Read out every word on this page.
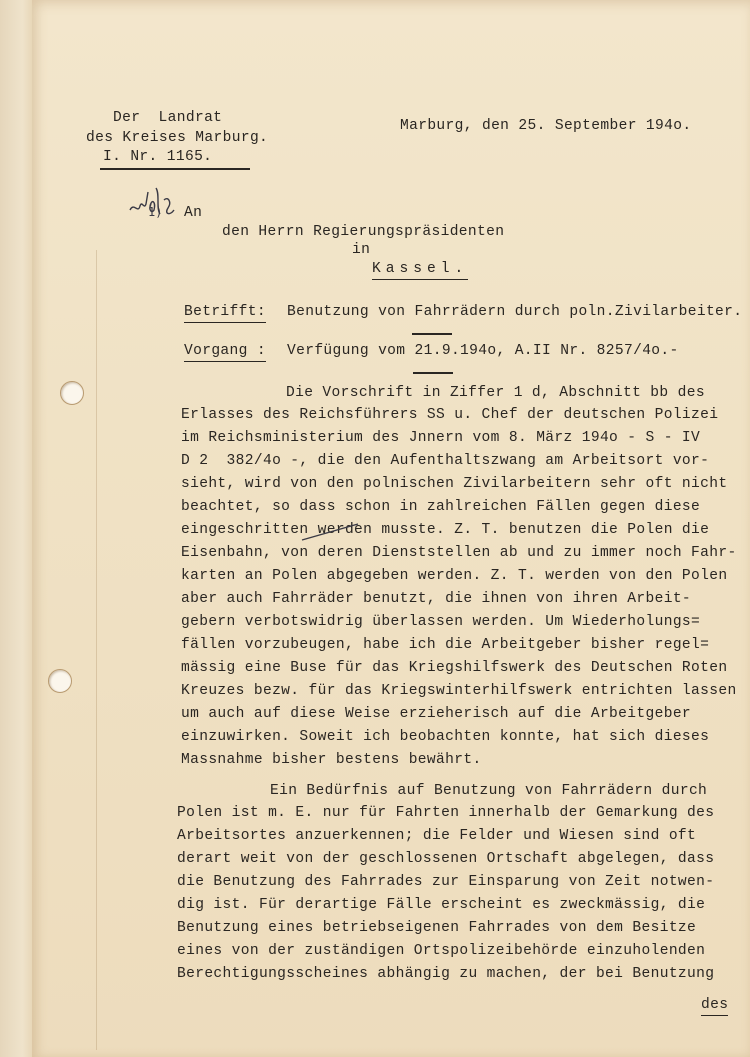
Der  Landrat
des Kreises Marburg.
I. Nr. 1165.
Marburg, den 25. September 194o.
1) An
den Herrn Regierungspräsidenten
in
Kassel.
Betrifft: Benutzung von Fahrrädern durch poln.Zivilarbeiter.
Vorgang : Verfügung vom 21.9.194o, A.II Nr. 8257/4o.-
Die Vorschrift in Ziffer 1 d, Abschnitt bb des
Erlasses des Reichsführers SS u. Chef der deutschen Polizei
im Reichsministerium des Jnnern vom 8. März 194o - S - IV
D 2  382/4o -, die den Aufenthaltszwang am Arbeitsort vor-
sieht, wird von den polnischen Zivilarbeitern sehr oft nicht
beachtet, so dass schon in zahlreichen Fällen gegen diese
eingeschritten werden musste. Z. T. benutzen die Polen die
Eisenbahn, von deren Dienststellen ab und zu immer noch Fahr-
karten an Polen abgegeben werden. Z. T. werden von den Polen
aber auch Fahrräder benutzt, die ihnen von ihren Arbeit-
gebern verbotswidrig überlassen werden. Um Wiederholungs=
fällen vorzubeugen, habe ich die Arbeitgeber bisher regel=
mässig eine Buse für das Kriegshilfswerk des Deutschen Roten
Kreuzes bezw. für das Kriegswinterhilfswerk entrichten lassen
um auch auf diese Weise erzieherisch auf die Arbeitgeber
einzuwirken. Soweit ich beobachten konnte, hat sich dieses
Massnahme bisher bestens bewährt.
Ein Bedürfnis auf Benutzung von Fahrrädern durch
Polen ist m. E. nur für Fahrten innerhalb der Gemarkung des
Arbeitsortes anzuerkennen; die Felder und Wiesen sind oft
derart weit von der geschlossenen Ortschaft abgelegen, dass
die Benutzung des Fahrrades zur Einsparung von Zeit notwen-
dig ist. Für derartige Fälle erscheint es zweckmässig, die
Benutzung eines betriebseigenen Fahrrades von dem Besitze
eines von der zuständigen Ortspolizeibehörde einzuholenden
Berechtigungsscheines abhängig zu machen, der bei Benutzung
des
